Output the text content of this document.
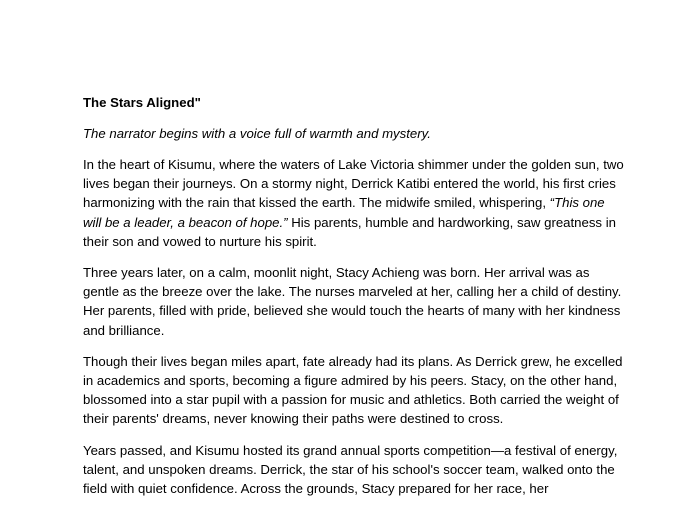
The Stars Aligned"
The narrator begins with a voice full of warmth and mystery.
In the heart of Kisumu, where the waters of Lake Victoria shimmer under the golden sun, two
lives began their journeys. On a stormy night, Derrick Katibi entered the world, his first cries
harmonizing with the rain that kissed the earth. The midwife smiled, whispering, “This one
will be a leader, a beacon of hope.” His parents, humble and hardworking, saw greatness in
their son and vowed to nurture his spirit.
Three years later, on a calm, moonlit night, Stacy Achieng was born. Her arrival was as
gentle as the breeze over the lake. The nurses marveled at her, calling her a child of destiny.
Her parents, filled with pride, believed she would touch the hearts of many with her kindness
and brilliance.
Though their lives began miles apart, fate already had its plans. As Derrick grew, he excelled
in academics and sports, becoming a figure admired by his peers. Stacy, on the other hand,
blossomed into a star pupil with a passion for music and athletics. Both carried the weight of
their parents' dreams, never knowing their paths were destined to cross.
Years passed, and Kisumu hosted its grand annual sports competition—a festival of energy,
talent, and unspoken dreams. Derrick, the star of his school's soccer team, walked onto the
field with quiet confidence. Across the grounds, Stacy prepared for her race, her
